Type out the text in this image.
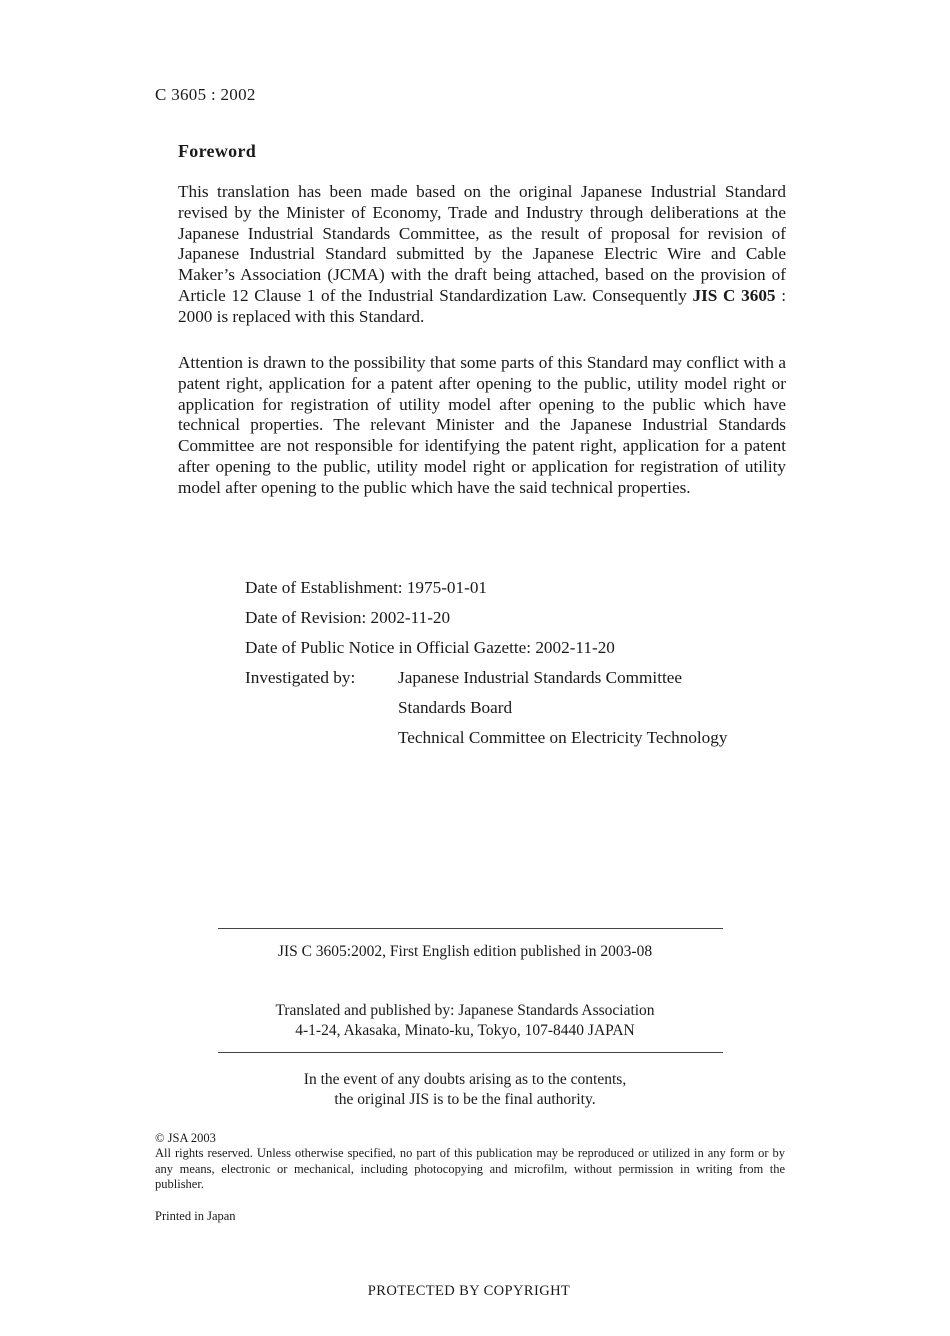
C 3605 : 2002
Foreword

This translation has been made based on the original Japanese Industrial Standard revised by the Minister of Economy, Trade and Industry through deliberations at the Japanese Industrial Standards Committee, as the result of proposal for revision of Japanese Industrial Standard submitted by the Japanese Electric Wire and Cable Maker’s Association (JCMA) with the draft being attached, based on the provision of Article 12 Clause 1 of the Industrial Standardization Law. Consequently JIS C 3605 : 2000 is replaced with this Standard.

Attention is drawn to the possibility that some parts of this Standard may conflict with a patent right, application for a patent after opening to the public, utility model right or application for registration of utility model after opening to the public which have technical properties. The relevant Minister and the Japanese Industrial Standards Committee are not responsible for identifying the patent right, application for a patent after opening to the public, utility model right or application for registration of utility model after opening to the public which have the said technical properties.

Date of Establishment: 1975-01-01
Date of Revision: 2002-11-20
Date of Public Notice in Official Gazette: 2002-11-20
Investigated by: Japanese Industrial Standards Committee
Standards Board
Technical Committee on Electricity Technology
JIS C 3605:2002, First English edition published in 2003-08
Translated and published by: Japanese Standards Association
4-1-24, Akasaka, Minato-ku, Tokyo, 107-8440 JAPAN
In the event of any doubts arising as to the contents,
the original JIS is to be the final authority.
© JSA 2003
All rights reserved. Unless otherwise specified, no part of this publication may be reproduced or utilized in any form or by any means, electronic or mechanical, including photocopying and microfilm, without permission in writing from the publisher.
Printed in Japan
PROTECTED BY COPYRIGHT
